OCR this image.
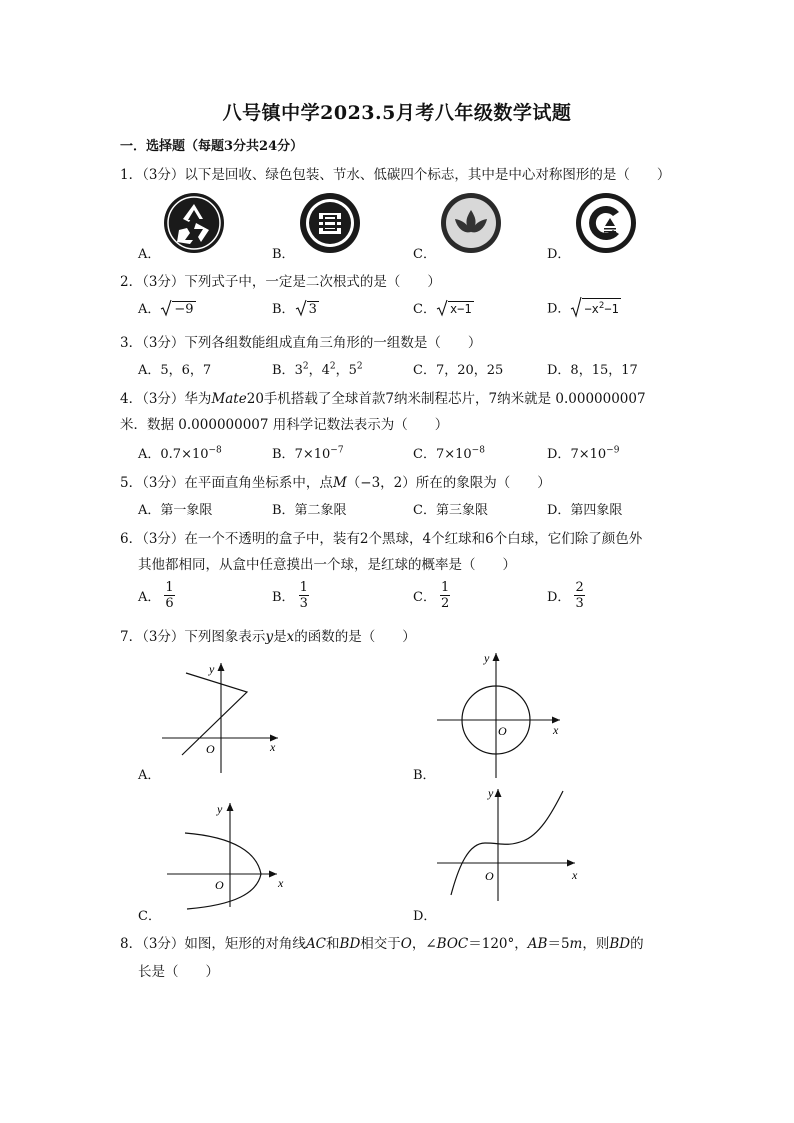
八号镇中学2023.5月考八年级数学试题
一．选择题（每题3分共24分）
1．（3分）以下是回收、绿色包装、节水、低碳四个标志，其中是中心对称图形的是（　　）
A．	B．	C．	D．
2．（3分）下列式子中，一定是二次根式的是（　　）
A． −9	B． 3	C． x−1	D． $-x^2-1$
3．（3分）下列各组数能组成直角三角形的一组数是（　　）
A．5，6，7	B．$3^2$，$4^2$，$5^2$	C．7，20，25	D．8，15，17
4．（3分）华为Mate20手机搭载了全球首款7纳米制程芯片，7纳米就是 0.000000007
米．数据 0.000000007 用科学记数法表示为（　　）
A．$0.7\times 10^{-8}$	B．$7\times 10^{-7}$	C．$7\times 10^{-8}$	D．$7\times 10^{-9}$
5．（3分）在平面直角坐标系中，点M（−3，2）所在的象限为（　　）
A．第一象限	B．第二象限	C．第三象限	D．第四象限
6．（3分）在一个不透明的盒子中，装有2个黑球，4个红球和6个白球，它们除了颜色外
其他都相同，从盒中任意摸出一个球，是红球的概率是（　　）
A． $\frac{1}{6}$	B． $\frac{1}{3}$	C． $\frac{1}{2}$	D． $\frac{2}{3}$
7．（3分）下列图象表示y是x的函数的是（　　）
y
x
O
A．
y
x
O
B．
y
x
O
C．
y
x
O
D．
8．（3分）如图，矩形的对角线AC和BD相交于O，∠BOC＝120°，AB＝5m，则BD的
长是（　　）
